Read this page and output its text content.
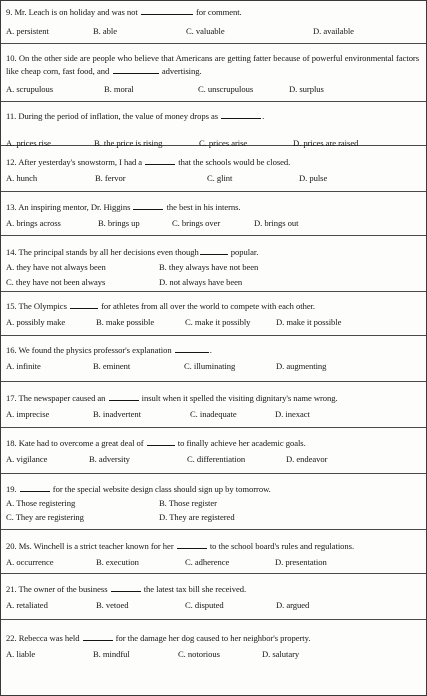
9. Mr. Leach is on holiday and was not	for comment.
A. persistent	B. able	C. valuable	D. available
10. On the other side are people who believe that Americans are getting fatter because of powerful environmental factors like cheap corn, fast food, and	advertising.
A. scrupulous	B. moral	C. unscrupulous	D. surplus
11. During the period of inflation, the value of money drops as	.
A. prices rise	B. the price is rising	C. prices arise	D. prices are raised
12. After yesterday's snowstorm, I had a	that the schools would be closed.
A. hunch	B. fervor	C. glint	D. pulse
13. An inspiring mentor, Dr. Higgins	the best in his interns.
A. brings across	B. brings up	C. brings over	D. brings out
14. The principal stands by all her decisions even though	popular.
A. they have not always been	B. they always have not been
C. they have not been always	D. not always have been
15. The Olympics	for athletes from all over the world to compete with each other.
A. possibly make	B. make possible	C. make it possibly	D. make it possible
16. We found the physics professor's explanation	.
A. infinite	B. eminent	C. illuminating	D. augmenting
17. The newspaper caused an	insult when it spelled the visiting dignitary's name wrong.
A. imprecise	B. inadvertent	C. inadequate	D. inexact
18. Kate had to overcome a great deal of	to finally achieve her academic goals.
A. vigilance	B. adversity	C. differentiation	D. endeavor
19.	for the special website design class should sign up by tomorrow.
A. Those registering	B. Those register
C. They are registering	D. They are registered
20. Ms. Winchell is a strict teacher known for her	to the school board's rules and regulations.
A. occurrence	B. execution	C. adherence	D. presentation
21. The owner of the business	the latest tax bill she received.
A. retaliated	B. vetoed	C. disputed	D. argued
22. Rebecca was held	for the damage her dog caused to her neighbor's property.
A. liable	B. mindful	C. notorious	D. salutary
